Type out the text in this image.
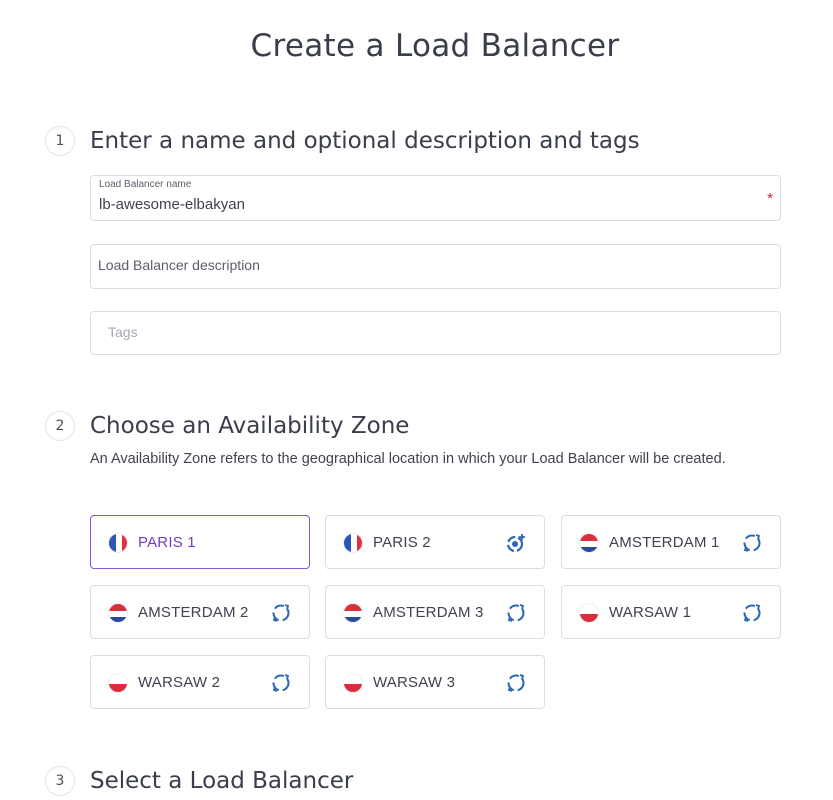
Create a Load Balancer
1	Enter a name and optional description and tags
Load Balancer name
lb-awesome-elbakyan	*
Load Balancer description
Tags
2	Choose an Availability Zone
An Availability Zone refers to the geographical location in which your Load Balancer will be created.
PARIS 1	PARIS 2	AMSTERDAM 1
AMSTERDAM 2	AMSTERDAM 3	WARSAW 1
WARSAW 2	WARSAW 3
3	Select a Load Balancer
